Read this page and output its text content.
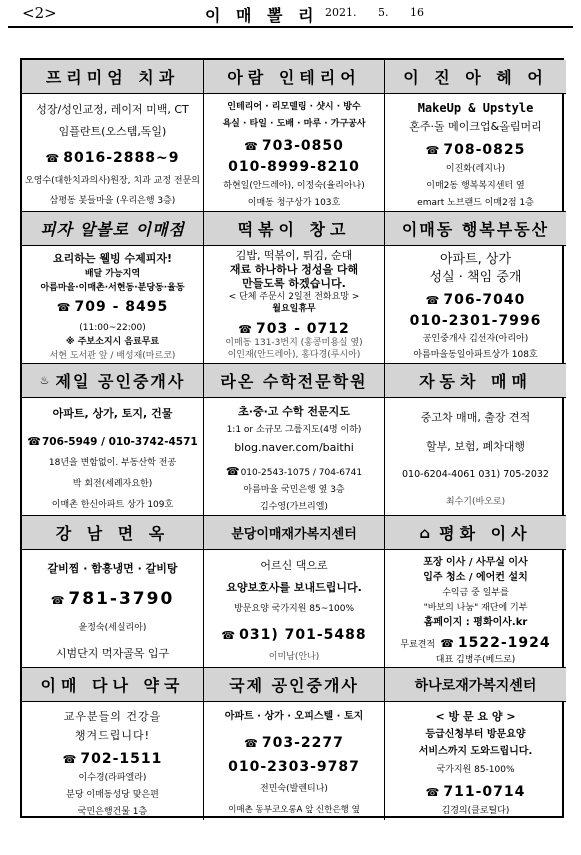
<2>	이 매 뽈 리 2021. 5. 16
프리미엄 치과
성장/성인교정, 레이저 미백, CT
임플란트(오스템,독일)
☎ 8016-2888~9
오영수(대한치과의사)원장, 치과 교정 전문의
삼평동 봇들마을 (우리은행 3층)
아람 인테리어
인테리어 · 리모델링 · 샷시 · 방수
욕실 · 타일 · 도배 · 마루 · 가구공사
☎ 703-0850
010-8999-8210
하현일(안드레아), 이정숙(율리아나)
이매동 청구상가 103호
이 진 아 헤 어
MakeUp & Upstyle
혼주·돌 메이크업&올림머리
☎ 708-0825
이진화(레지나)
이매2동 행복복지센터 옆
emart 노브랜드 이매2점 1층
피자 알볼로 이매점
요리하는 웰빙 수제피자!
배달 가능지역
아름마을·이매촌·서현동·분당동·율동
☎ 709 - 8495 (11:00~22:00)
※ 주보소지시 음료무료
서현 도서관 앞 / 배성재(마르코)
떡볶이 창고
김밥, 떡볶이, 튀김, 순대
재료 하나하나 정성을 다해
만들도록 하겠습니다.
< 단체 주문시 2일전 전화요망 >
월요일휴무
☎ 703 - 0712
이매동 131-3번지 (홍콩미용실 옆)
이인재(안드레아), 홍다경(루시아)
이매동 행복부동산
아파트, 상가
성실 · 책임 중개
☎ 706-7040
010-2301-7996
공인중개사 김선자(아리아)
아름마을동일아파트상가 108호
♨ 제일 공인중개사
아파트, 상가, 토지, 건물
☎706-5949 / 010-3742-4571
18년을 변함없이. 부동산학 전공
박 회전(세례자요한)
이매촌 한신아파트 상가 109호
라온 수학전문학원
초·중·고 수학 전문지도
1:1 or 소규모 그룹지도(4명 이하)
blog.naver.com/baithi
☎010-2543-1075 / 704-6741
아름마을 국민은행 옆 3층
김수영(가브리엘)
자동차 매매
중고차 매매, 출장 견적
할부, 보험, 폐차대행
010-6204-4061 031) 705-2032
최수기(바오로)
강 남 면 옥
갈비찜 · 함흥냉면 · 갈비탕
☎ 781-3790
윤정숙(세실리아)
시범단지 먹자골목 입구
분당이매재가복지센터
어르신 댁으로
요양보호사를 보내드립니다.
방문요양 국가지원 85~100%
☎ 031) 701-5488
이미남(안나)
⌂ 평화 이사
포장 이사 / 사무실 이사
입주 청소 / 에어컨 설치
수익금 중 일부를
"바보의 나눔" 재단에 기부
홈페이지 : 평화이사.kr
무료견적 ☎ 1522-1924
대표 김병주(베드로)
이매 다나 약국
교우분들의 건강을
챙겨드립니다!
☎ 702-1511
이수경(라파엘라)
분당 이매동성당 맞은편
국민은행건물 1층
국제 공인중개사
아파트 · 상가 · 오피스텔 · 토지
☎ 703-2277
010-2303-9787
전민숙(발렌티나)
이매촌 동부코오롱A 앞 신한은행 옆
하나로재가복지센터
< 방 문 요 양 >
등급신청부터 방문요양
서비스까지 도와드립니다.
국가지원 85-100%
☎ 711-0714
김경의(클로틸다)
